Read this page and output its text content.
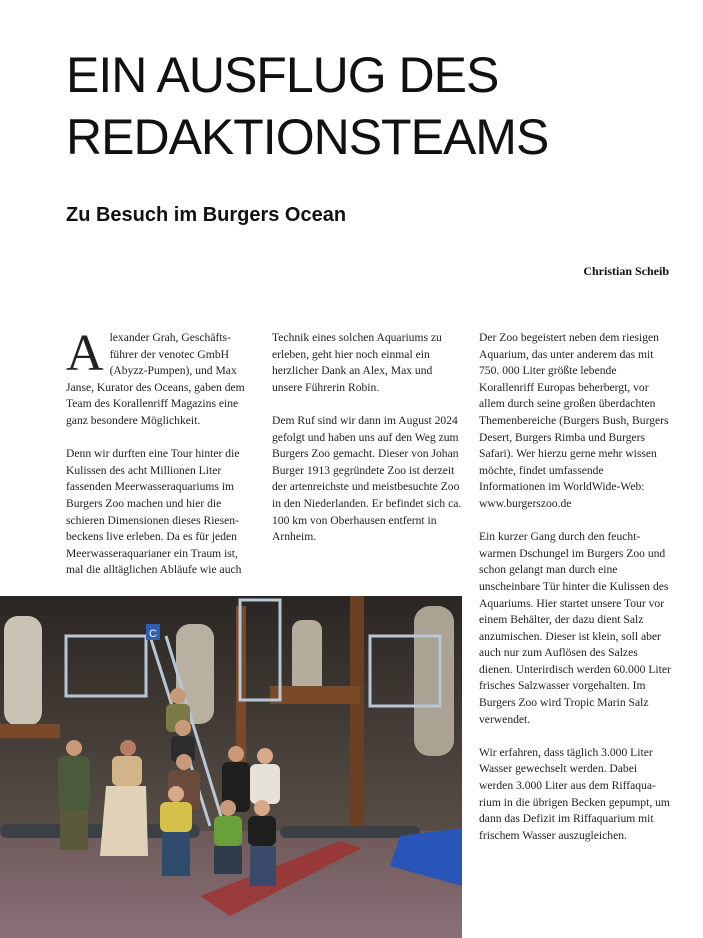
EIN AUSFLUG DES REDAKTIONSTEAMS
Zu Besuch im Burgers Ocean
Christian Scheib

Alexander Grah, Geschäftsführer der venotec GmbH (Abyzz-Pumpen), und Max Janse, Kurator des Oceans, gaben dem Team des Korallenriff Magazins eine ganz besondere Möglichkeit.

Denn wir durften eine Tour hinter die Kulissen des acht Millionen Liter fassenden Meerwasseraquariums im Burgers Zoo machen und hier die schieren Dimensionen dieses Riesenbeckens live erleben. Da es für jeden Meerwasseraquarianer ein Traum ist, mal die alltäglichen Abläufe wie auch

Technik eines solchen Aquariums zu erleben, geht hier noch einmal ein herzlicher Dank an Alex, Max und unsere Führerin Robin.

Dem Ruf sind wir dann im August 2024 gefolgt und haben uns auf den Weg zum Burgers Zoo gemacht. Dieser von Johan Burger 1913 gegründete Zoo ist derzeit der artenreichste und meistbesuchte Zoo in den Niederlanden. Er befindet sich ca. 100 km von Oberhausen entfernt in Arnheim.

Der Zoo begeistert neben dem riesigen Aquarium, das unter anderem das mit 750. 000 Liter größte lebende Korallenriff Europas beherbergt, vor allem durch seine großen überdachten Themenbereiche (Burgers Bush, Burgers Desert, Burgers Rimba und Burgers Safari). Wer hierzu gerne mehr wissen möchte, findet umfassende Informationen im WorldWide-Web: www.burgerszoo.de

Ein kurzer Gang durch den feuchtwarmen Dschungel im Burgers Zoo und schon gelangt man durch eine unscheinbare Tür hinter die Kulissen des Aquariums. Hier startet unsere Tour vor einem Behälter, der dazu dient Salz anzumischen. Dieser ist klein, soll aber auch nur zum Auflösen des Salzes dienen. Unterirdisch werden 60.000 Liter frisches Salzwasser vorgehalten. Im Burgers Zoo wird Tropic Marin Salz verwendet.

Wir erfahren, dass täglich 3.000 Liter Wasser gewechselt werden. Dabei werden 3.000 Liter aus dem Riffaquarium in die übrigen Becken gepumpt, um dann das Defizit im Riffaquarium mit frischem Wasser auszugleichen.

C
